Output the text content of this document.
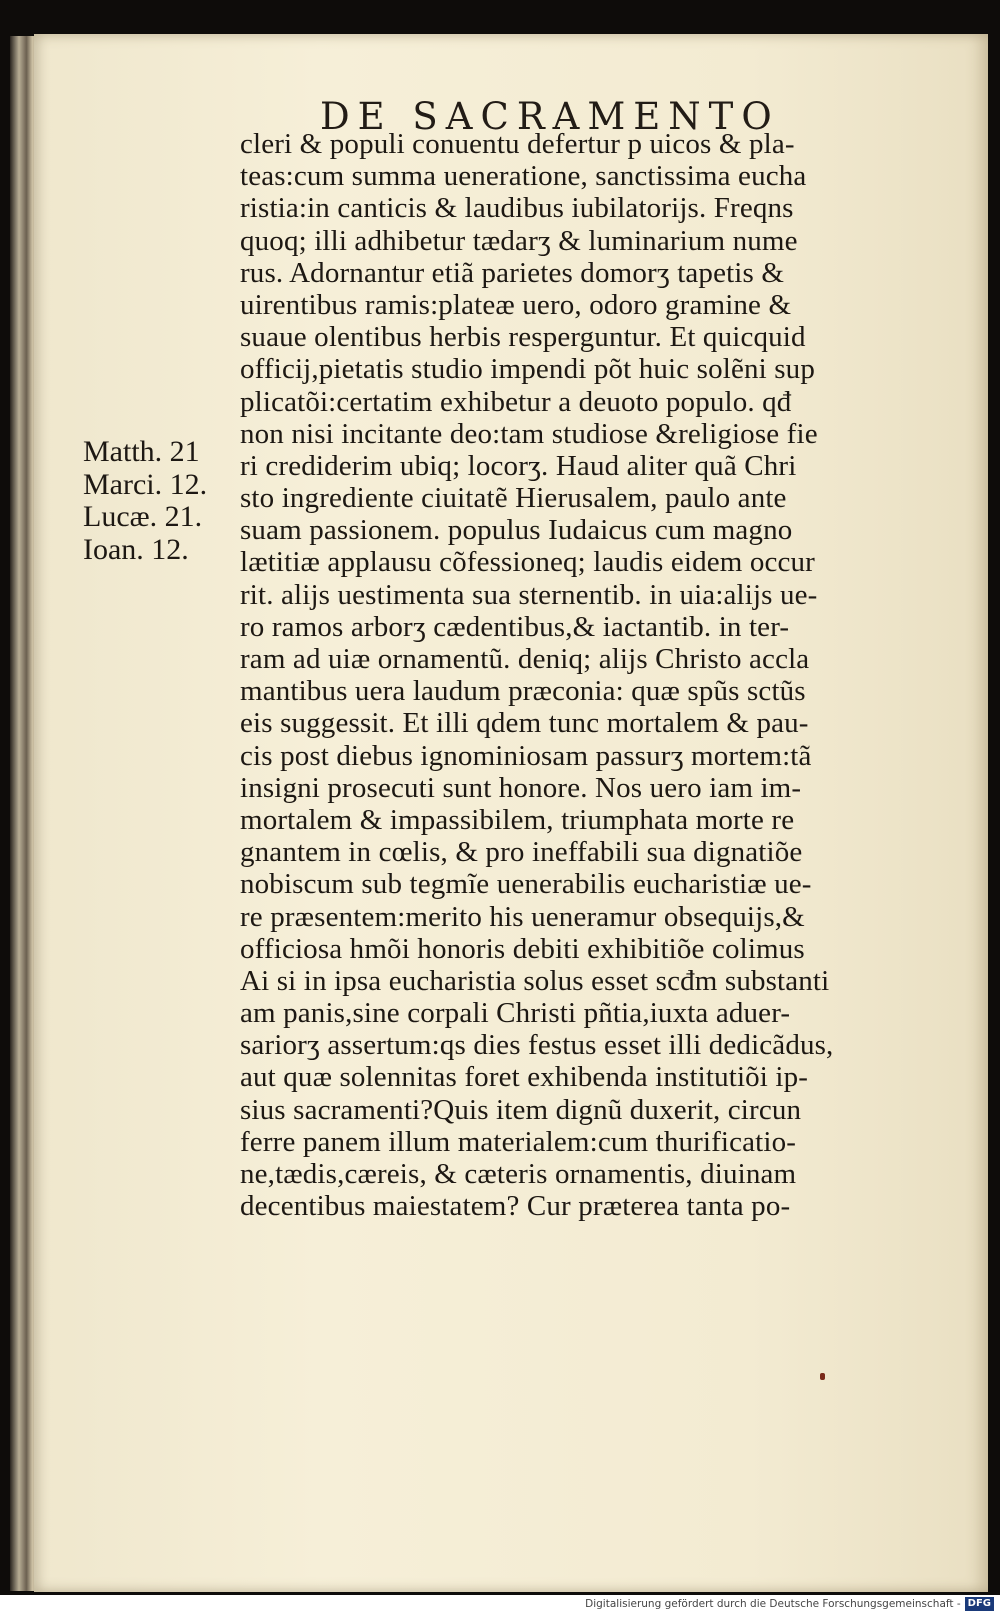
DE SACRAMENTO
Matth. 21
Marci. 12.
Lucæ. 21.
Ioan. 12.
cleri & populi conuentu defertur p uicos & pla-
teas:cum summa ueneratione, sanctissima eucha
ristia:in canticis & laudibus iubilatorijs. Freqns
quoq; illi adhibetur tædarʒ & luminarium nume
rus. Adornantur etiã parietes domorʒ tapetis &
uirentibus ramis:plateæ uero, odoro gramine &
suaue olentibus herbis resperguntur. Et quicquid
officij,pietatis studio impendi põt huic solẽni sup
plicatõi:certatim exhibetur a deuoto populo. qđ
non nisi incitante deo:tam studiose &religiose fie
ri crediderim ubiq; locorʒ. Haud aliter quã Chri
sto ingrediente ciuitatẽ Hierusalem, paulo ante
suam passionem. populus Iudaicus cum magno
lætitiæ applausu cõfessioneq; laudis eidem occur
rit. alijs uestimenta sua sternentib. in uia:alijs ue-
ro ramos arborʒ cædentibus,& iactantib. in ter-
ram ad uiæ ornamentũ. deniq; alijs Christo accla
mantibus uera laudum præconia: quæ spũs sctũs
eis suggessit. Et illi qdem tunc mortalem & pau-
cis post diebus ignominiosam passurʒ mortem:tã
insigni prosecuti sunt honore. Nos uero iam im-
mortalem & impassibilem, triumphata morte re
gnantem in cœlis, & pro ineffabili sua dignatiõe
nobiscum sub tegmĩe uenerabilis eucharistiæ ue-
re præsentem:merito his ueneramur obsequijs,&
officiosa hmõi honoris debiti exhibitiõe colimus
Ai si in ipsa eucharistia solus esset scđm substanti
am panis,sine corpali Christi pñtia,iuxta aduer-
sariorʒ assertum:qs dies festus esset illi dedicãdus,
aut quæ solennitas foret exhibenda institutiõi ip-
sius sacramenti?Quis item dignũ duxerit, circun
ferre panem illum materialem:cum thurificatio-
ne,tædis,cæreis, & cæteris ornamentis, diuinam
decentibus maiestatem? Cur præterea tanta po-
Digitalisierung gefördert durch die Deutsche Forschungsgemeinschaft - DFG
